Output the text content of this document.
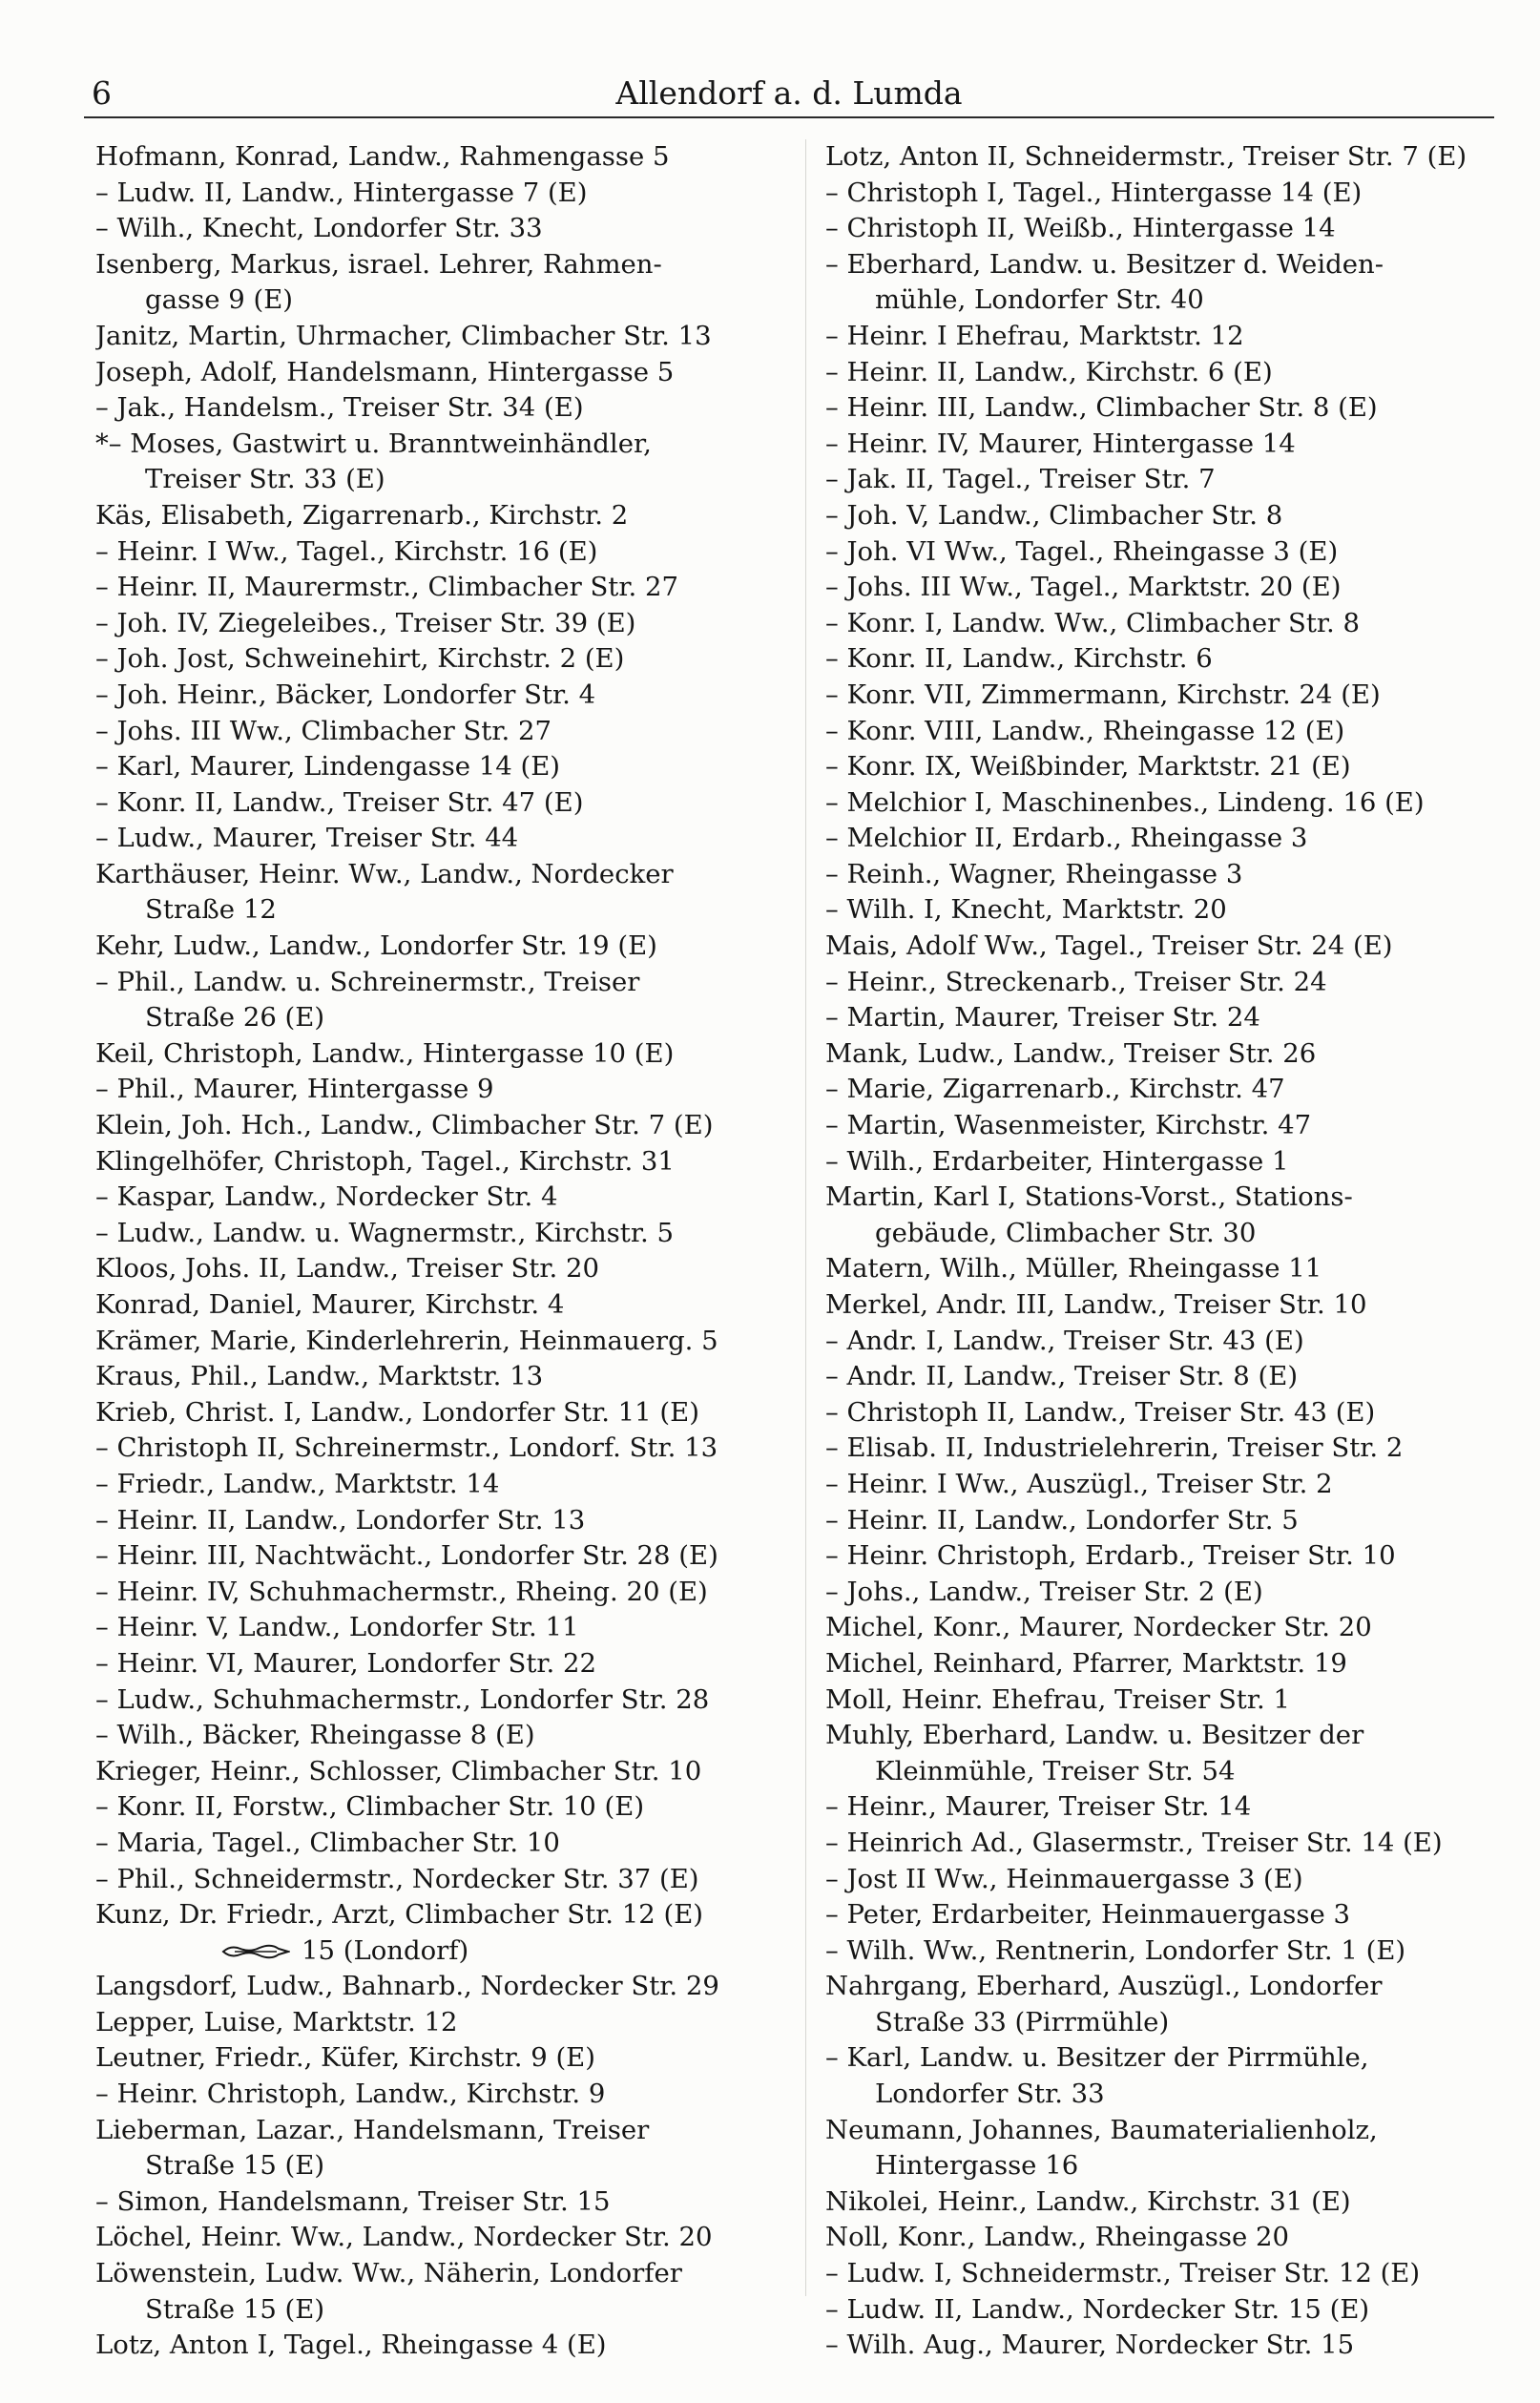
6	Allendorf a. d. Lumda
Hofmann, Konrad, Landw., Rahmengasse 5
– Ludw. II, Landw., Hintergasse 7 (E)
– Wilh., Knecht, Londorfer Str. 33
Isenberg, Markus, israel. Lehrer, Rahmen-
gasse 9 (E)
Janitz, Martin, Uhrmacher, Climbacher Str. 13
Joseph, Adolf, Handelsmann, Hintergasse 5
– Jak., Handelsm., Treiser Str. 34 (E)
*– Moses, Gastwirt u. Branntweinhändler,
Treiser Str. 33 (E)
Käs, Elisabeth, Zigarrenarb., Kirchstr. 2
– Heinr. I Ww., Tagel., Kirchstr. 16 (E)
– Heinr. II, Maurermstr., Climbacher Str. 27
– Joh. IV, Ziegeleibes., Treiser Str. 39 (E)
– Joh. Jost, Schweinehirt, Kirchstr. 2 (E)
– Joh. Heinr., Bäcker, Londorfer Str. 4
– Johs. III Ww., Climbacher Str. 27
– Karl, Maurer, Lindengasse 14 (E)
– Konr. II, Landw., Treiser Str. 47 (E)
– Ludw., Maurer, Treiser Str. 44
Karthäuser, Heinr. Ww., Landw., Nordecker
Straße 12
Kehr, Ludw., Landw., Londorfer Str. 19 (E)
– Phil., Landw. u. Schreinermstr., Treiser
Straße 26 (E)
Keil, Christoph, Landw., Hintergasse 10 (E)
– Phil., Maurer, Hintergasse 9
Klein, Joh. Hch., Landw., Climbacher Str. 7 (E)
Klingelhöfer, Christoph, Tagel., Kirchstr. 31
– Kaspar, Landw., Nordecker Str. 4
– Ludw., Landw. u. Wagnermstr., Kirchstr. 5
Kloos, Johs. II, Landw., Treiser Str. 20
Konrad, Daniel, Maurer, Kirchstr. 4
Krämer, Marie, Kinderlehrerin, Heinmauerg. 5
Kraus, Phil., Landw., Marktstr. 13
Krieb, Christ. I, Landw., Londorfer Str. 11 (E)
– Christoph II, Schreinermstr., Londorf. Str. 13
– Friedr., Landw., Marktstr. 14
– Heinr. II, Landw., Londorfer Str. 13
– Heinr. III, Nachtwächt., Londorfer Str. 28 (E)
– Heinr. IV, Schuhmachermstr., Rheing. 20 (E)
– Heinr. V, Landw., Londorfer Str. 11
– Heinr. VI, Maurer, Londorfer Str. 22
– Ludw., Schuhmachermstr., Londorfer Str. 28
– Wilh., Bäcker, Rheingasse 8 (E)
Krieger, Heinr., Schlosser, Climbacher Str. 10
– Konr. II, Forstw., Climbacher Str. 10 (E)
– Maria, Tagel., Climbacher Str. 10
– Phil., Schneidermstr., Nordecker Str. 37 (E)
Kunz, Dr. Friedr., Arzt, Climbacher Str. 12 (E)
15 (Londorf)
Langsdorf, Ludw., Bahnarb., Nordecker Str. 29
Lepper, Luise, Marktstr. 12
Leutner, Friedr., Küfer, Kirchstr. 9 (E)
– Heinr. Christoph, Landw., Kirchstr. 9
Lieberman, Lazar., Handelsmann, Treiser
Straße 15 (E)
– Simon, Handelsmann, Treiser Str. 15
Löchel, Heinr. Ww., Landw., Nordecker Str. 20
Löwenstein, Ludw. Ww., Näherin, Londorfer
Straße 15 (E)
Lotz, Anton I, Tagel., Rheingasse 4 (E)
Lotz, Anton II, Schneidermstr., Treiser Str. 7 (E)
– Christoph I, Tagel., Hintergasse 14 (E)
– Christoph II, Weißb., Hintergasse 14
– Eberhard, Landw. u. Besitzer d. Weiden-
mühle, Londorfer Str. 40
– Heinr. I Ehefrau, Marktstr. 12
– Heinr. II, Landw., Kirchstr. 6 (E)
– Heinr. III, Landw., Climbacher Str. 8 (E)
– Heinr. IV, Maurer, Hintergasse 14
– Jak. II, Tagel., Treiser Str. 7
– Joh. V, Landw., Climbacher Str. 8
– Joh. VI Ww., Tagel., Rheingasse 3 (E)
– Johs. III Ww., Tagel., Marktstr. 20 (E)
– Konr. I, Landw. Ww., Climbacher Str. 8
– Konr. II, Landw., Kirchstr. 6
– Konr. VII, Zimmermann, Kirchstr. 24 (E)
– Konr. VIII, Landw., Rheingasse 12 (E)
– Konr. IX, Weißbinder, Marktstr. 21 (E)
– Melchior I, Maschinenbes., Lindeng. 16 (E)
– Melchior II, Erdarb., Rheingasse 3
– Reinh., Wagner, Rheingasse 3
– Wilh. I, Knecht, Marktstr. 20
Mais, Adolf Ww., Tagel., Treiser Str. 24 (E)
– Heinr., Streckenarb., Treiser Str. 24
– Martin, Maurer, Treiser Str. 24
Mank, Ludw., Landw., Treiser Str. 26
– Marie, Zigarrenarb., Kirchstr. 47
– Martin, Wasenmeister, Kirchstr. 47
– Wilh., Erdarbeiter, Hintergasse 1
Martin, Karl I, Stations-Vorst., Stations-
gebäude, Climbacher Str. 30
Matern, Wilh., Müller, Rheingasse 11
Merkel, Andr. III, Landw., Treiser Str. 10
– Andr. I, Landw., Treiser Str. 43 (E)
– Andr. II, Landw., Treiser Str. 8 (E)
– Christoph II, Landw., Treiser Str. 43 (E)
– Elisab. II, Industrielehrerin, Treiser Str. 2
– Heinr. I Ww., Auszügl., Treiser Str. 2
– Heinr. II, Landw., Londorfer Str. 5
– Heinr. Christoph, Erdarb., Treiser Str. 10
– Johs., Landw., Treiser Str. 2 (E)
Michel, Konr., Maurer, Nordecker Str. 20
Michel, Reinhard, Pfarrer, Marktstr. 19
Moll, Heinr. Ehefrau, Treiser Str. 1
Muhly, Eberhard, Landw. u. Besitzer der
Kleinmühle, Treiser Str. 54
– Heinr., Maurer, Treiser Str. 14
– Heinrich Ad., Glasermstr., Treiser Str. 14 (E)
– Jost II Ww., Heinmauergasse 3 (E)
– Peter, Erdarbeiter, Heinmauergasse 3
– Wilh. Ww., Rentnerin, Londorfer Str. 1 (E)
Nahrgang, Eberhard, Auszügl., Londorfer
Straße 33 (Pirrmühle)
– Karl, Landw. u. Besitzer der Pirrmühle,
Londorfer Str. 33
Neumann, Johannes, Baumaterialienholz,
Hintergasse 16
Nikolei, Heinr., Landw., Kirchstr. 31 (E)
Noll, Konr., Landw., Rheingasse 20
– Ludw. I, Schneidermstr., Treiser Str. 12 (E)
– Ludw. II, Landw., Nordecker Str. 15 (E)
– Wilh. Aug., Maurer, Nordecker Str. 15
